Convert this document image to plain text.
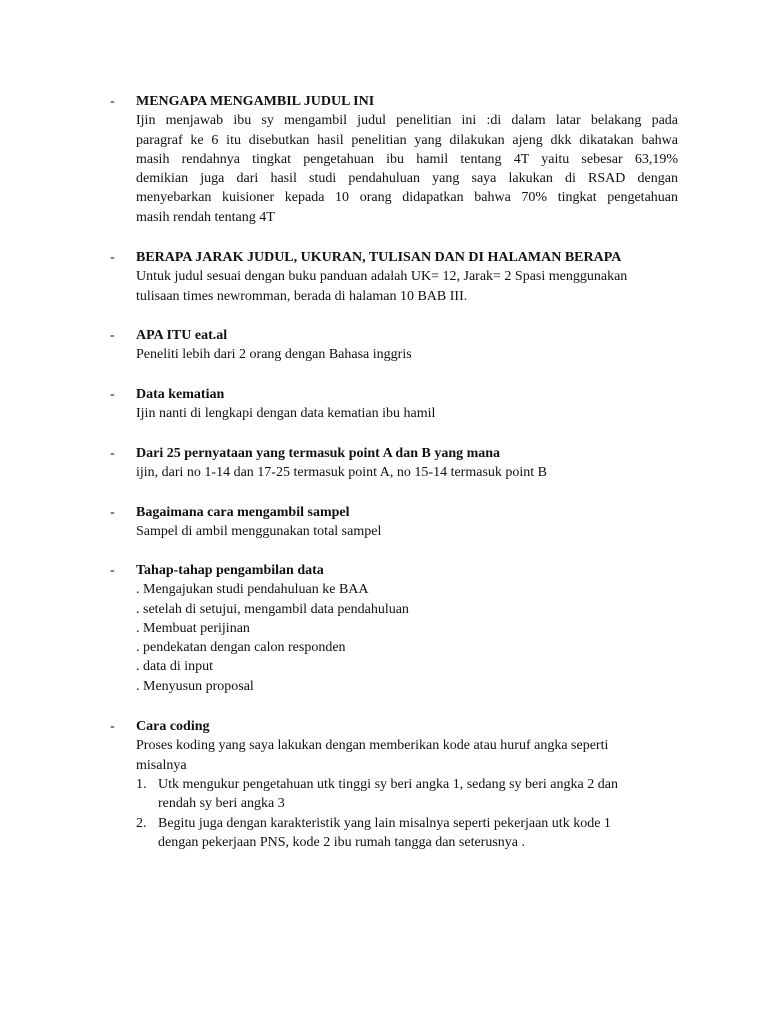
-	MENGAPA MENGAMBIL JUDUL INI
Ijin menjawab ibu sy mengambil judul penelitian ini :di dalam latar belakang pada
paragraf ke 6 itu disebutkan hasil penelitian yang dilakukan ajeng dkk dikatakan bahwa
masih rendahnya tingkat pengetahuan ibu hamil tentang 4T yaitu sebesar 63,19%
demikian juga dari hasil studi pendahuluan yang saya lakukan di RSAD dengan
menyebarkan kuisioner kepada 10 orang didapatkan bahwa 70% tingkat pengetahuan
masih rendah tentang 4T
-	BERAPA JARAK JUDUL, UKURAN, TULISAN DAN DI HALAMAN BERAPA
Untuk judul sesuai dengan buku panduan adalah UK= 12, Jarak= 2 Spasi menggunakan
tulisaan times newromman, berada di halaman 10 BAB III.
-	APA ITU eat.al
Peneliti lebih dari 2 orang dengan Bahasa inggris
-	Data kematian
Ijin nanti di lengkapi dengan data kematian ibu hamil
-	Dari 25 pernyataan yang termasuk point A dan B yang mana
ijin, dari no 1-14 dan 17-25 termasuk point A, no 15-14 termasuk point B
-	Bagaimana cara mengambil sampel
Sampel di ambil menggunakan total sampel
-	Tahap-tahap pengambilan data
. Mengajukan studi pendahuluan ke BAA
. setelah di setujui, mengambil data pendahuluan
. Membuat perijinan
. pendekatan dengan calon responden
. data di input
. Menyusun proposal
-	Cara coding
Proses koding yang saya lakukan dengan memberikan kode atau huruf angka seperti
misalnya
1. Utk mengukur pengetahuan utk tinggi sy beri angka 1, sedang sy beri angka 2 dan
rendah sy beri angka 3
2. Begitu juga dengan karakteristik yang lain misalnya seperti pekerjaan utk kode 1
dengan pekerjaan PNS, kode 2 ibu rumah tangga dan seterusnya .
